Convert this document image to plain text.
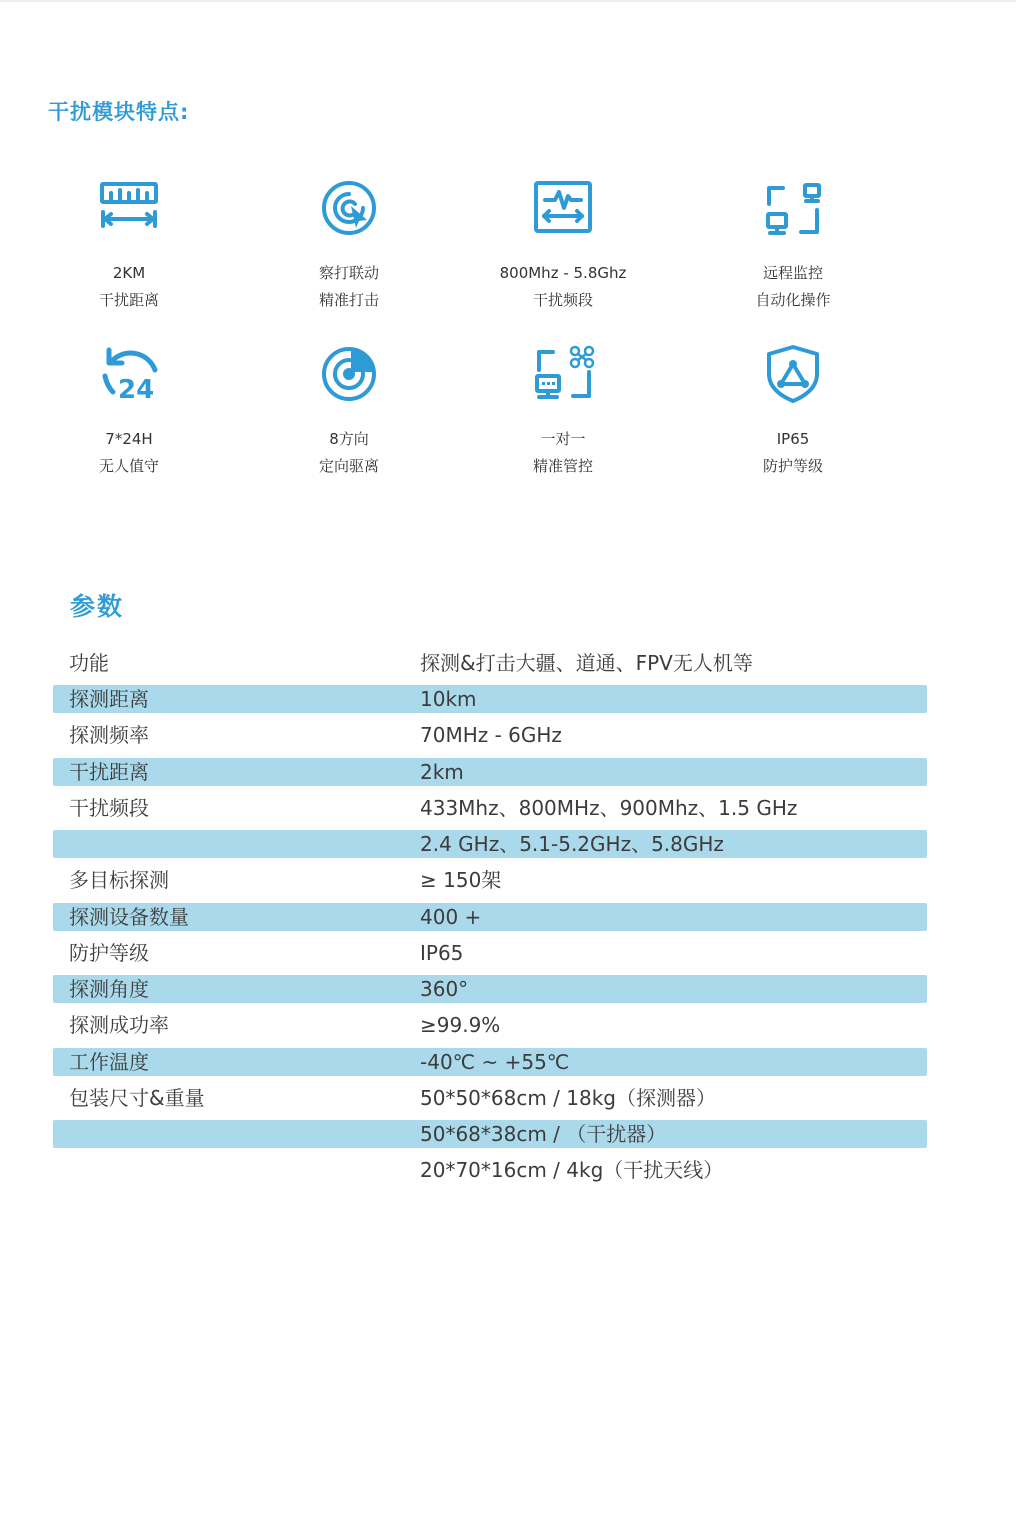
干扰模块特点:
2KM
干扰距离
察打联动
精准打击
800Mhz - 5.8Ghz
干扰频段
远程监控
自动化操作
24
7*24H
无人值守
8方向
定向驱离
一对一
精准管控
IP65
防护等级
参数
功能	探测&打击大疆、道通、FPV无人机等
探测距离	10km
探测频率	70MHz - 6GHz
干扰距离	2km
干扰频段	433Mhz、800MHz、900Mhz、1.5 GHz
2.4 GHz、5.1-5.2GHz、5.8GHz
多目标探测	≥ 150架
探测设备数量	400 +
防护等级	IP65
探测角度	360°
探测成功率	≥99.9%
工作温度	-40℃ ~ +55℃
包装尺寸&重量	50*50*68cm / 18kg（探测器）
50*68*38cm / （干扰器）
20*70*16cm / 4kg（干扰天线）
